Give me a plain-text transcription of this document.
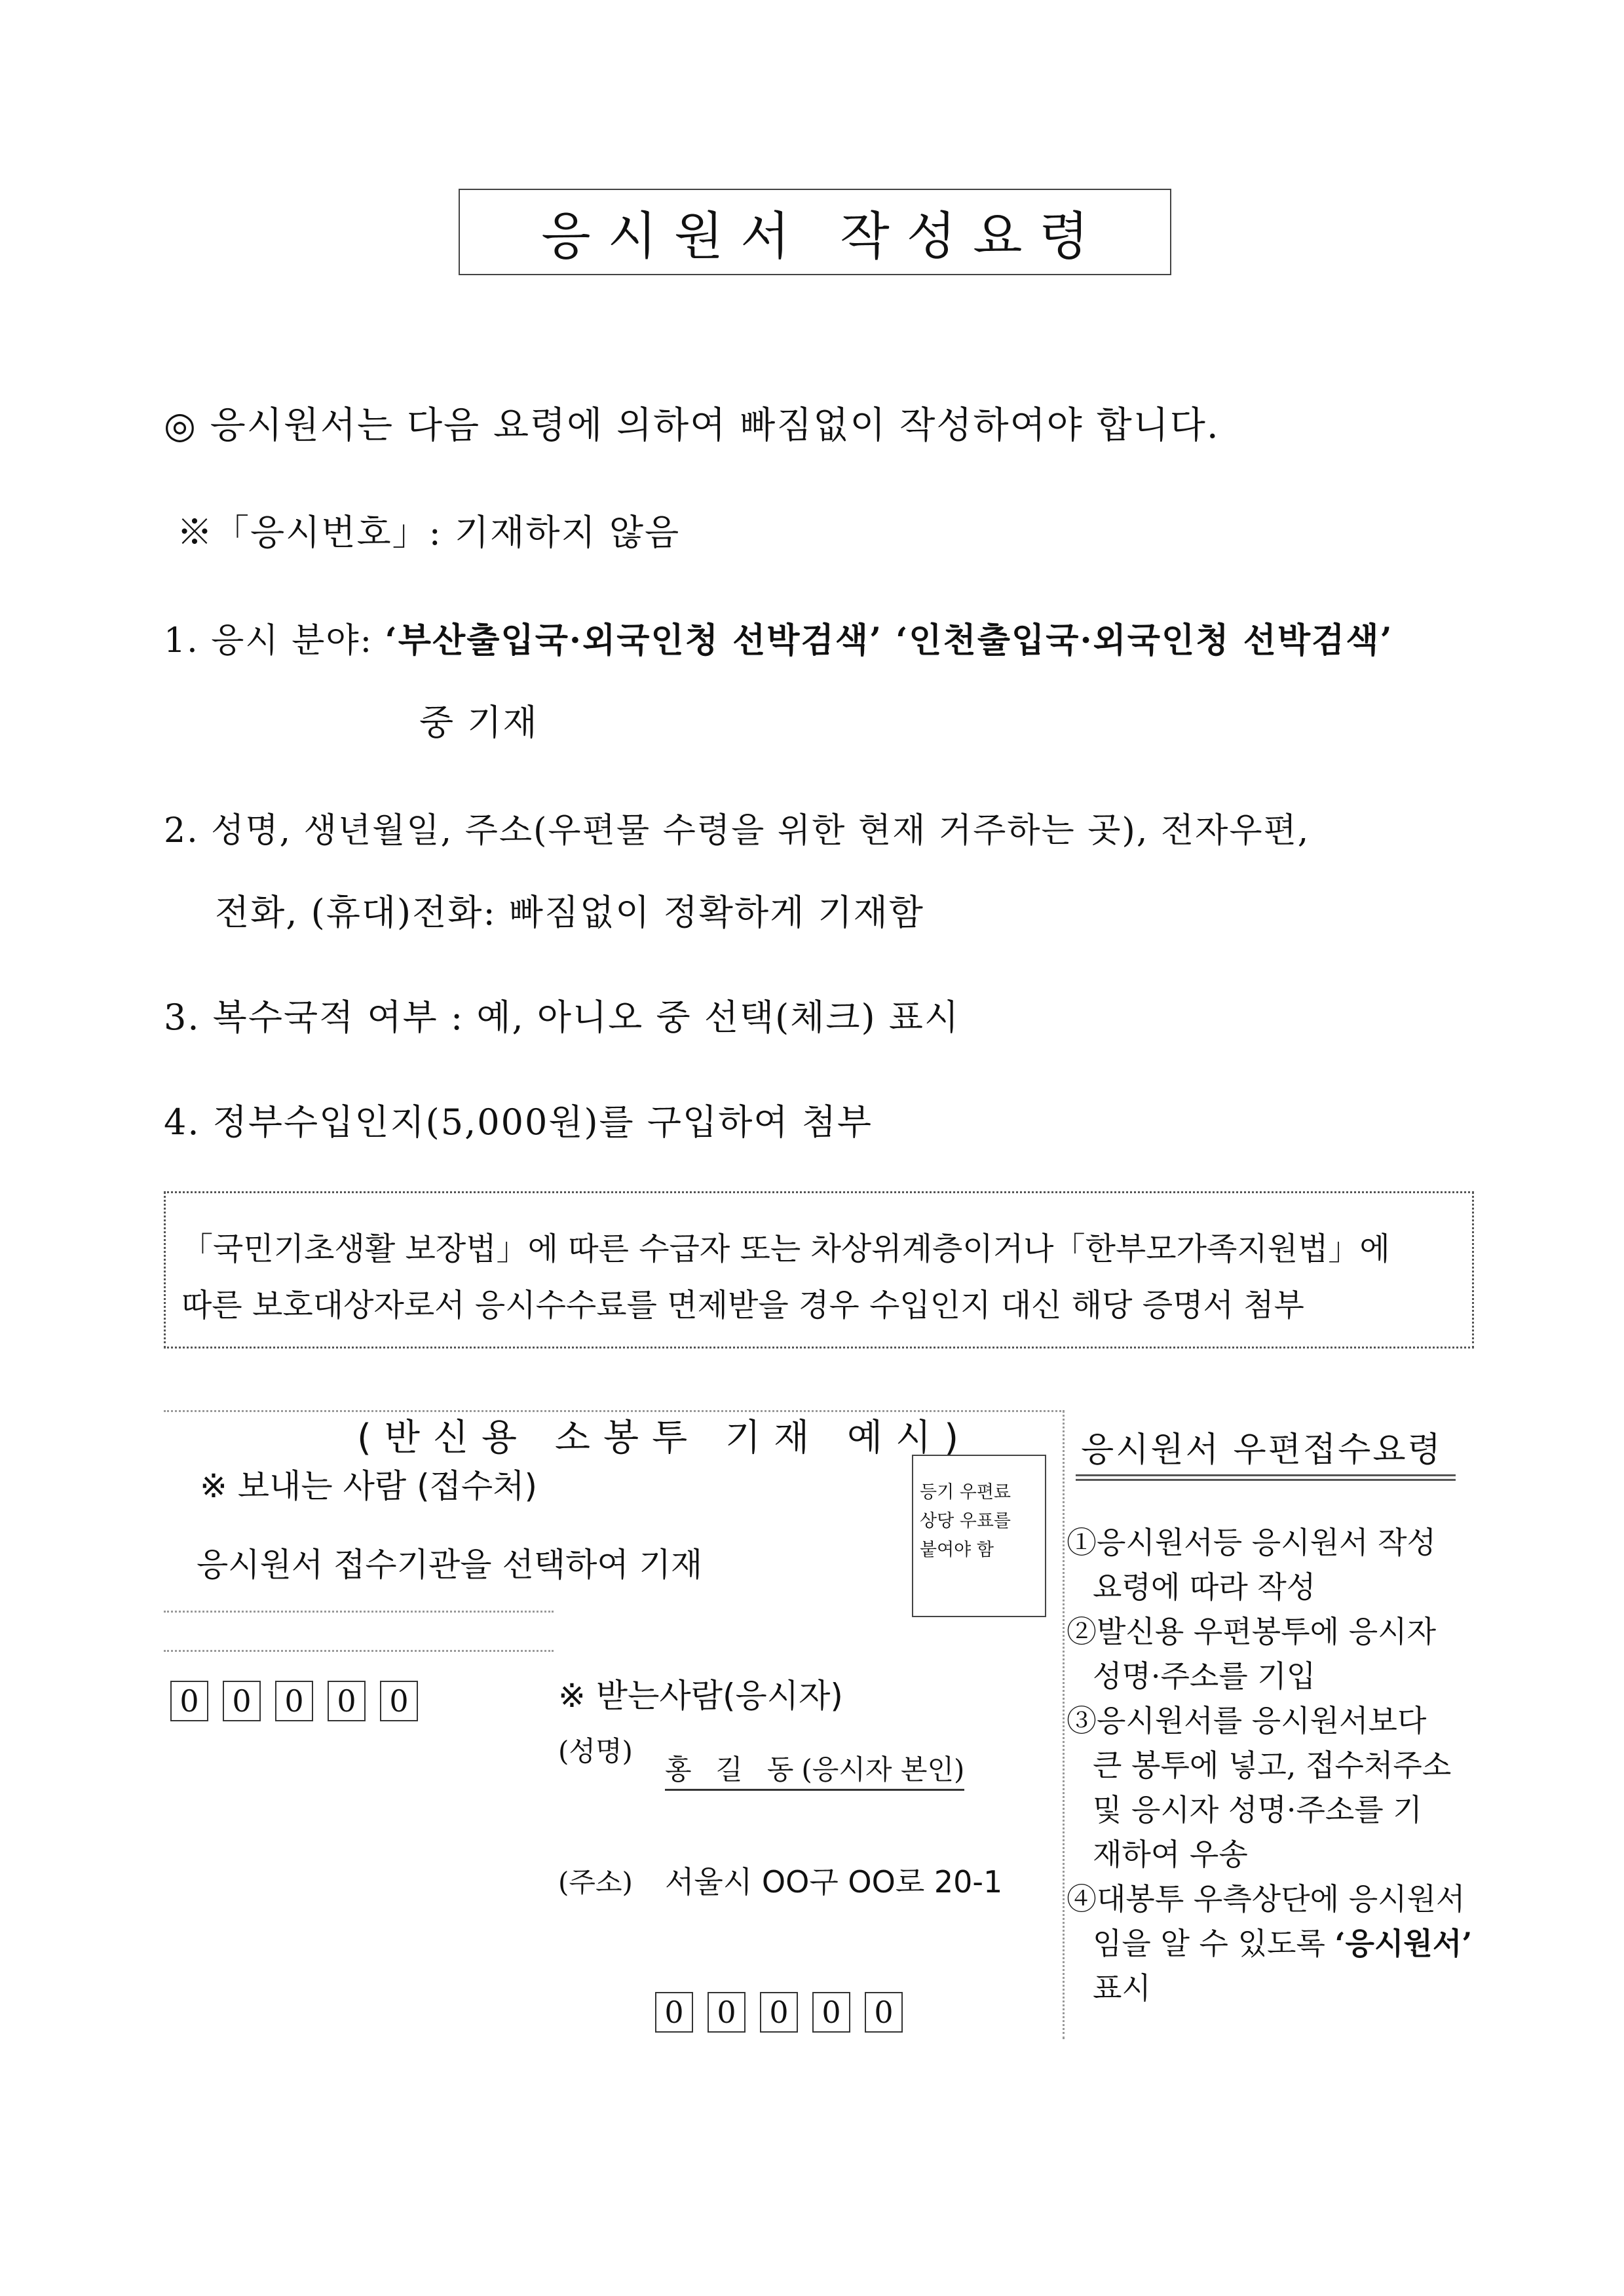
응시원서 작성요령
◎ 응시원서는 다음 요령에 의하여 빠짐없이 작성하여야 합니다.
※「응시번호」: 기재하지 않음
1. 응시 분야: ‘부산출입국·외국인청 선박검색’ ‘인천출입국·외국인청 선박검색’
중 기재
2. 성명, 생년월일, 주소(우편물 수령을 위한 현재 거주하는 곳), 전자우편,
전화, (휴대)전화: 빠짐없이 정확하게 기재함
3. 복수국적 여부 : 예, 아니오 중 선택(체크) 표시
4. 정부수입인지(5,000원)를 구입하여 첨부
「국민기초생활 보장법」에 따른 수급자 또는 차상위계층이거나「한부모가족지원법」에
따른 보호대상자로서 응시수수료를 면제받을 경우 수입인지 대신 해당 증명서 첨부
(반신용 소봉투 기재 예시)
※ 보내는 사람 (접수처)
응시원서 접수기관을 선택하여 기재
등기 우편료
상당 우표를
붙여야 함
0	0	0	0	0	※ 받는사람(응시자)
(성명)
홍 길 동(응시자 본인)
(주소) 서울시 OO구 OO로 20-1
0	0	0	0	0
응시원서 우편접수요령
①응시원서등 응시원서 작성
요령에 따라 작성
②발신용 우편봉투에 응시자
성명·주소를 기입
③응시원서를 응시원서보다
큰 봉투에 넣고, 접수처주소
및 응시자 성명·주소를 기
재하여 우송
④대봉투 우측상단에 응시원서
임을 알 수 있도록 ‘응시원서’
표시
